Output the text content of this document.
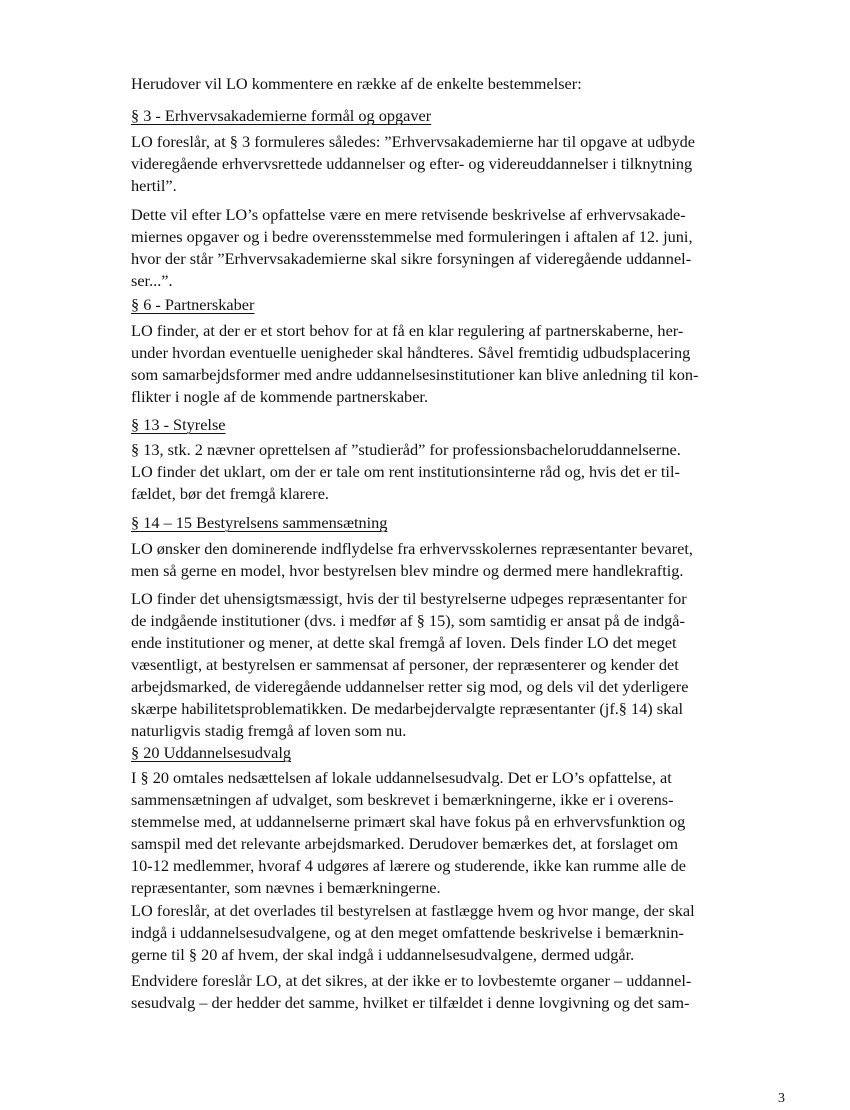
Herudover vil LO kommentere en række af de enkelte bestemmelser:
§ 3 - Erhvervsakademierne formål og opgaver
LO foreslår, at § 3 formuleres således: ”Erhvervsakademierne har til opgave at udbyde
videregående erhvervsrettede uddannelser og efter- og videreuddannelser i tilknytning
hertil”.
Dette vil efter LO’s opfattelse være en mere retvisende beskrivelse af erhvervsakade-
miernes opgaver og i bedre overensstemmelse med formuleringen i aftalen af 12. juni,
hvor der står ”Erhvervsakademierne skal sikre forsyningen af videregående uddannel-
ser...”.
§ 6 - Partnerskaber
LO finder, at der er et stort behov for at få en klar regulering af partnerskaberne, her-
under hvordan eventuelle uenigheder skal håndteres. Såvel fremtidig udbudsplacering
som samarbejdsformer med andre uddannelsesinstitutioner kan blive anledning til kon-
flikter i nogle af de kommende partnerskaber.
§ 13 - Styrelse
§ 13, stk. 2 nævner oprettelsen af ”studieråd” for professionsbacheloruddannelserne.
LO finder det uklart, om der er tale om rent institutionsinterne råd og, hvis det er til-
fældet, bør det fremgå klarere.
§ 14 – 15 Bestyrelsens sammensætning
LO ønsker den dominerende indflydelse fra erhvervsskolernes repræsentanter bevaret,
men så gerne en model, hvor bestyrelsen blev mindre og dermed mere handlekraftig.
LO finder det uhensigtsmæssigt, hvis der til bestyrelserne udpeges repræsentanter for
de indgående institutioner (dvs. i medfør af § 15), som samtidig er ansat på de indgå-
ende institutioner og mener, at dette skal fremgå af loven. Dels finder LO det meget
væsentligt, at bestyrelsen er sammensat af personer, der repræsenterer og kender det
arbejdsmarked, de videregående uddannelser retter sig mod, og dels vil det yderligere
skærpe habilitetsproblematikken. De medarbejdervalgte repræsentanter (jf.§ 14) skal
naturligvis stadig fremgå af loven som nu.
§ 20 Uddannelsesudvalg
I § 20 omtales nedsættelsen af lokale uddannelsesudvalg. Det er LO’s opfattelse, at
sammensætningen af udvalget, som beskrevet i bemærkningerne, ikke er i overens-
stemmelse med, at uddannelserne primært skal have fokus på en erhvervsfunktion og
samspil med det relevante arbejdsmarked. Derudover bemærkes det, at forslaget om
10-12 medlemmer, hvoraf 4 udgøres af lærere og studerende, ikke kan rumme alle de
repræsentanter, som nævnes i bemærkningerne.
LO foreslår, at det overlades til bestyrelsen at fastlægge hvem og hvor mange, der skal
indgå i uddannelsesudvalgene, og at den meget omfattende beskrivelse i bemærknin-
gerne til § 20 af hvem, der skal indgå i uddannelsesudvalgene, dermed udgår.
Endvidere foreslår LO, at det sikres, at der ikke er to lovbestemte organer – uddannel-
sesudvalg – der hedder det samme, hvilket er tilfældet i denne lovgivning og det sam-
3
